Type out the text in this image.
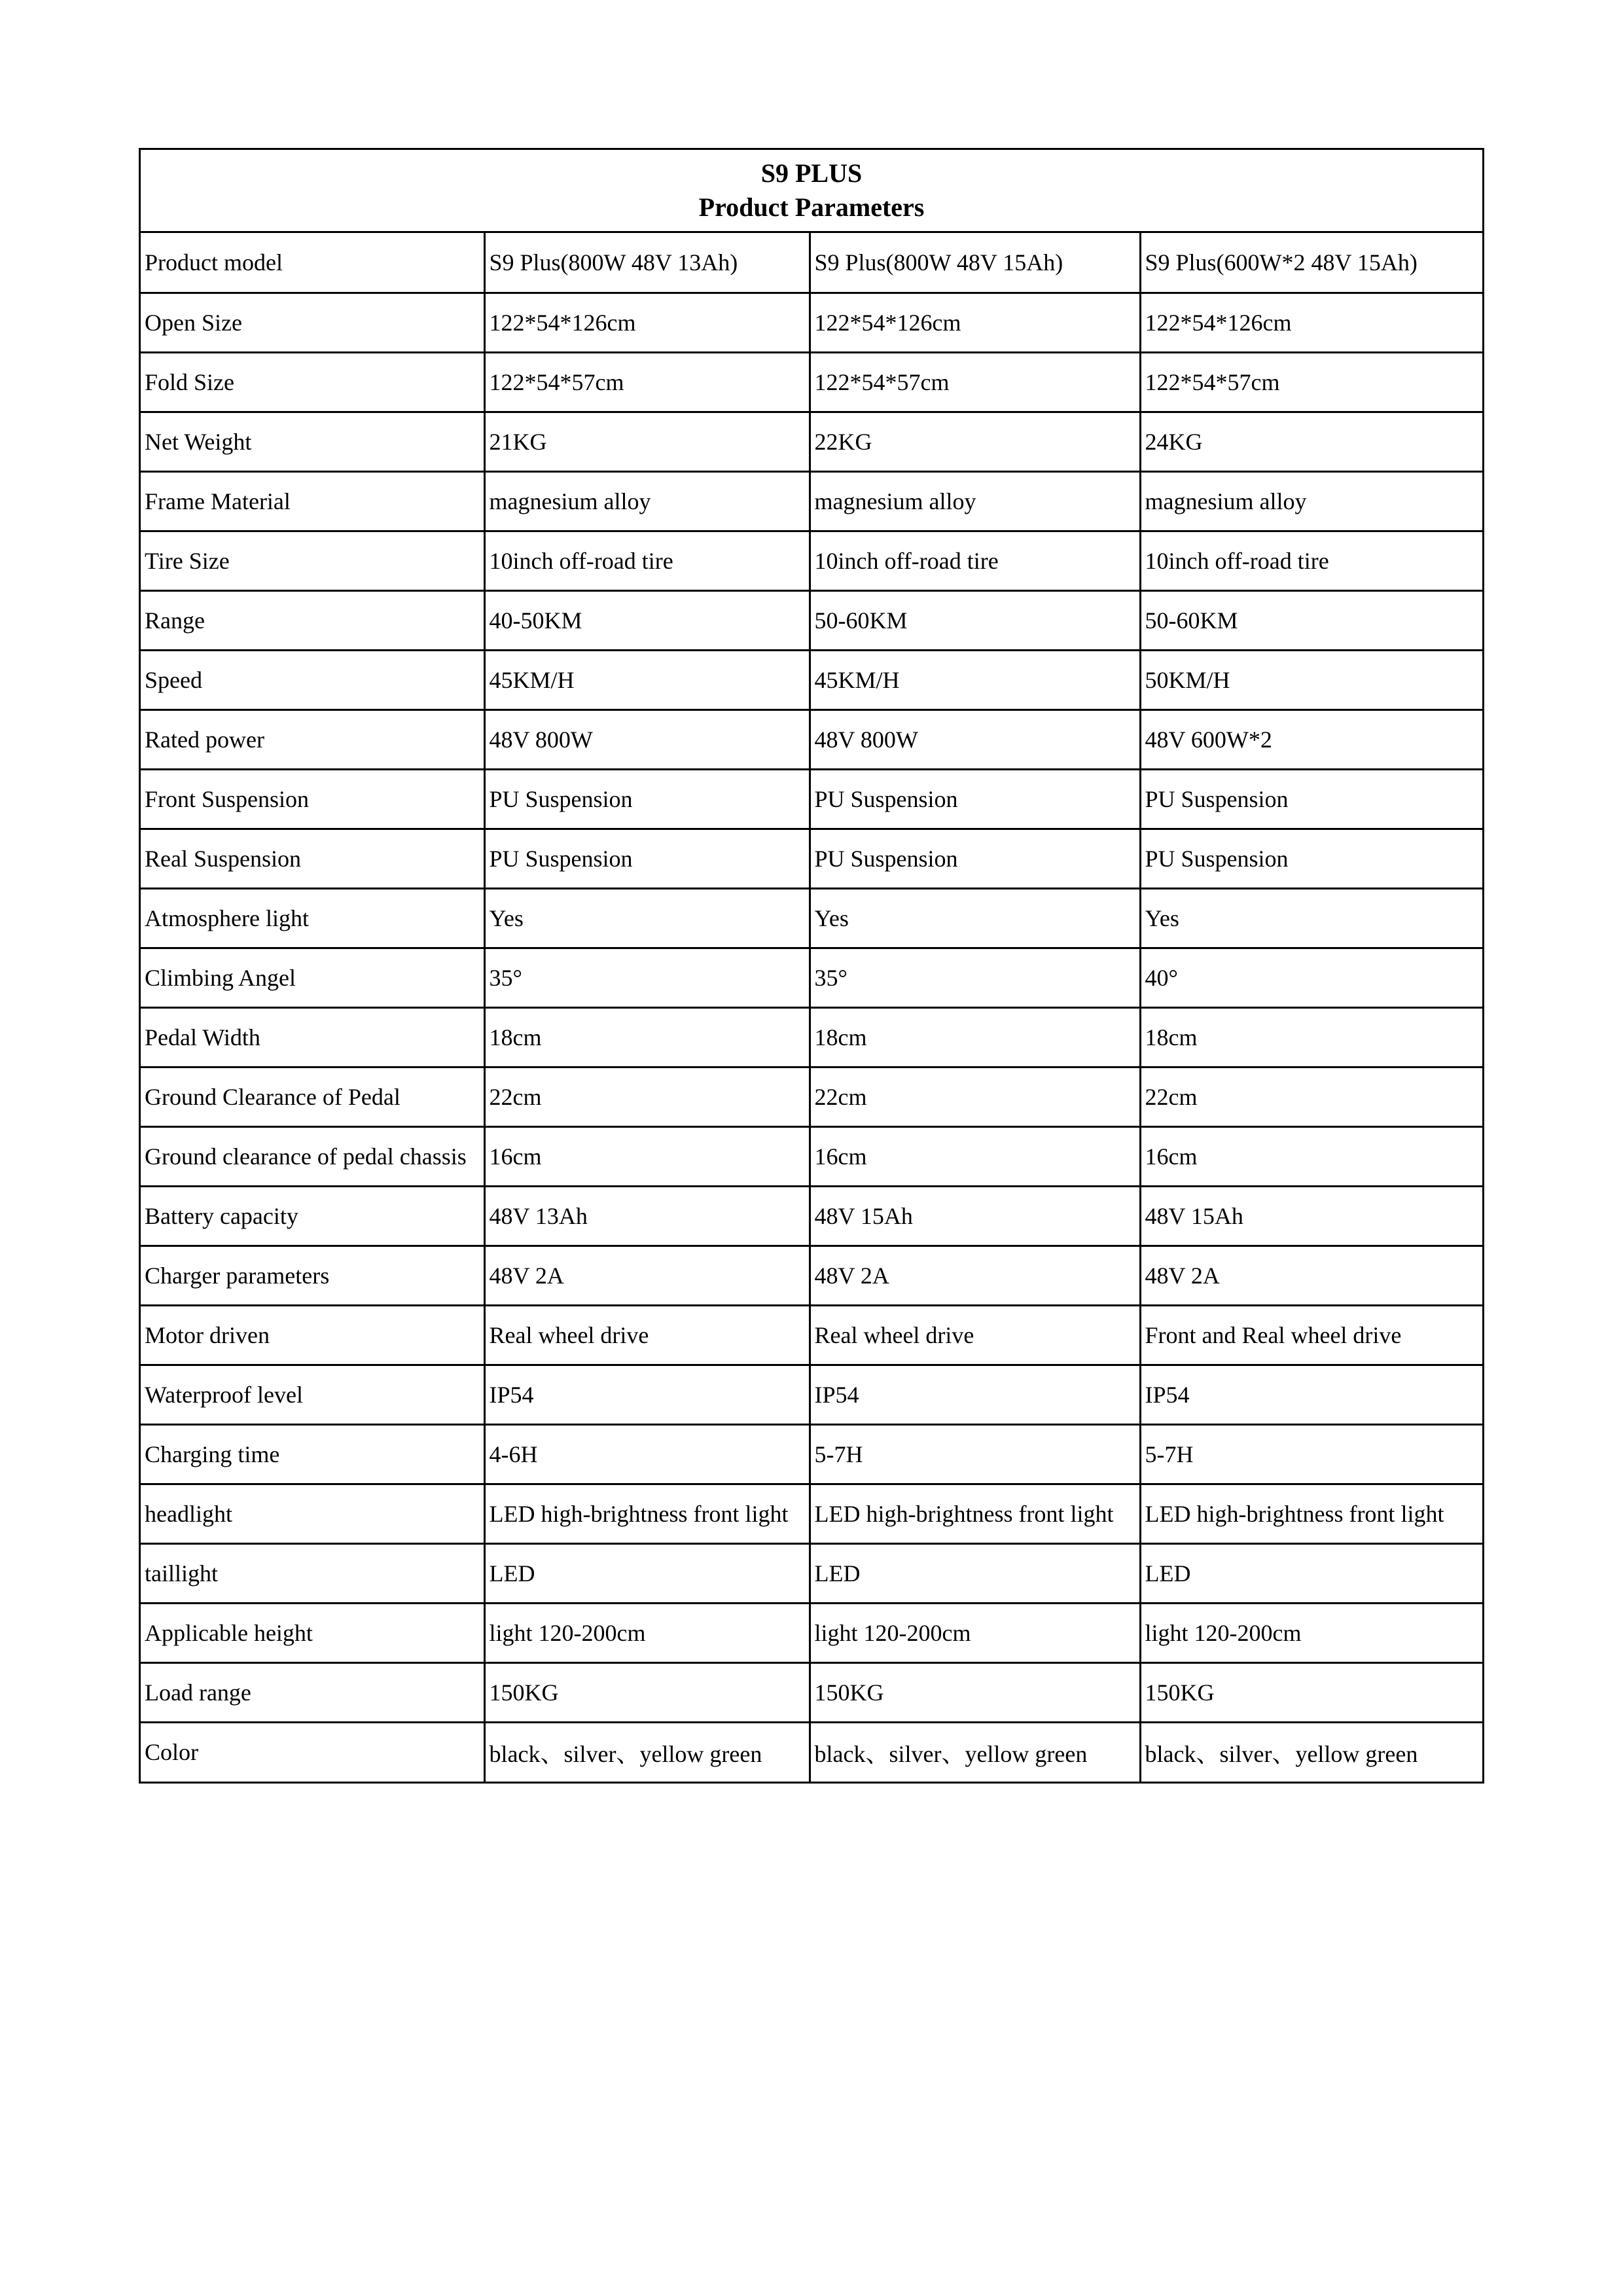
S9 PLUS
Product Parameters
Product model	S9 Plus(800W 48V 13Ah)	S9 Plus(800W 48V 15Ah)	S9 Plus(600W*2 48V 15Ah)
Open Size	122*54*126cm	122*54*126cm	122*54*126cm
Fold Size	122*54*57cm	122*54*57cm	122*54*57cm
Net Weight	21KG	22KG	24KG
Frame Material	magnesium alloy	magnesium alloy	magnesium alloy
Tire Size	10inch off-road tire	10inch off-road tire	10inch off-road tire
Range	40-50KM	50-60KM	50-60KM
Speed	45KM/H	45KM/H	50KM/H
Rated power	48V 800W	48V 800W	48V 600W*2
Front Suspension	PU Suspension	PU Suspension	PU Suspension
Real Suspension	PU Suspension	PU Suspension	PU Suspension
Atmosphere light	Yes	Yes	Yes
Climbing Angel	35°	35°	40°
Pedal Width	18cm	18cm	18cm
Ground Clearance of Pedal	22cm	22cm	22cm
Ground clearance of pedal chassis	16cm	16cm	16cm
Battery capacity	48V 13Ah	48V 15Ah	48V 15Ah
Charger parameters	48V 2A	48V 2A	48V 2A
Motor driven	Real wheel drive	Real wheel drive	Front and Real wheel drive
Waterproof level	IP54	IP54	IP54
Charging time	4-6H	5-7H	5-7H
headlight	LED high-brightness front light	LED high-brightness front light	LED high-brightness front light
taillight	LED	LED	LED
Applicable height	light 120-200cm	light 120-200cm	light 120-200cm
Load range	150KG	150KG	150KG
Color	black、silver、yellow green	black、silver、yellow green	black、silver、yellow green
